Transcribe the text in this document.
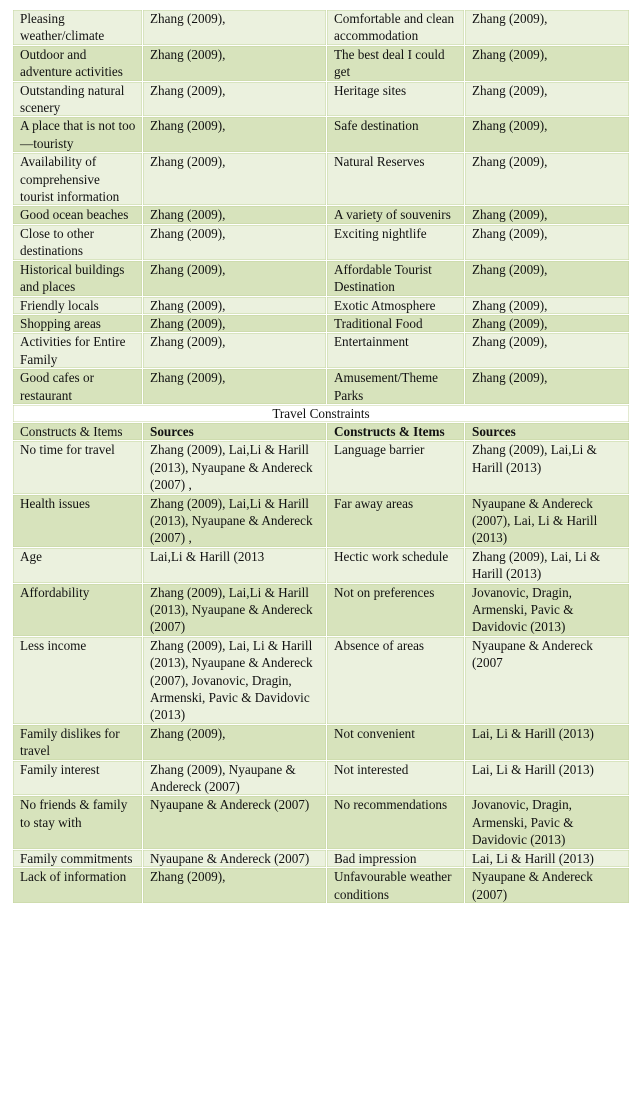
Pleasing weather/climate	Zhang (2009),	Comfortable and clean accommodation	Zhang (2009),
Outdoor and adventure activities	Zhang (2009),	The best deal I could get	Zhang (2009),
Outstanding natural scenery	Zhang (2009),	Heritage sites	Zhang (2009),
A place that is not too —touristy	Zhang (2009),	Safe destination	Zhang (2009),
Availability of comprehensive tourist information	Zhang (2009),	Natural Reserves	Zhang (2009),
Good ocean beaches	Zhang (2009),	A variety of souvenirs	Zhang (2009),
Close to other destinations	Zhang (2009),	Exciting nightlife	Zhang (2009),
Historical buildings and places	Zhang (2009),	Affordable Tourist Destination	Zhang (2009),
Friendly locals	Zhang (2009),	Exotic Atmosphere	Zhang (2009),
Shopping areas	Zhang (2009),	Traditional Food	Zhang (2009),
Activities for Entire Family	Zhang (2009),	Entertainment	Zhang (2009),
Good cafes or restaurant	Zhang (2009),	Amusement/Theme Parks	Zhang (2009),
Travel Constraints			
Constructs & Items	Sources	Constructs & Items	Sources
No time for travel	Zhang (2009), Lai,Li & Harill (2013), Nyaupane & Andereck (2007) ,	Language barrier	Zhang (2009), Lai,Li & Harill (2013)
Health issues	Zhang (2009), Lai,Li & Harill (2013), Nyaupane & Andereck (2007) ,	Far away areas	Nyaupane & Andereck (2007), Lai, Li & Harill (2013)
Age	Lai,Li & Harill (2013	Hectic work schedule	Zhang (2009), Lai, Li & Harill (2013)
Affordability	Zhang (2009), Lai,Li & Harill (2013), Nyaupane & Andereck (2007)	Not on preferences	Jovanovic, Dragin, Armenski, Pavic & Davidovic (2013)
Less income	Zhang (2009), Lai, Li & Harill (2013), Nyaupane & Andereck (2007), Jovanovic, Dragin, Armenski, Pavic & Davidovic (2013)	Absence of areas	Nyaupane & Andereck (2007
Family dislikes for travel	Zhang (2009),	Not convenient	Lai, Li & Harill (2013)
Family interest	Zhang (2009), Nyaupane & Andereck (2007)	Not interested	Lai, Li & Harill (2013)
No friends & family to stay with	Nyaupane & Andereck (2007)	No recommendations	Jovanovic, Dragin, Armenski, Pavic & Davidovic (2013)
Family commitments	Nyaupane & Andereck (2007)	Bad impression	Lai, Li & Harill (2013)
Lack of information	Zhang (2009),	Unfavourable weather conditions	Nyaupane & Andereck (2007)
